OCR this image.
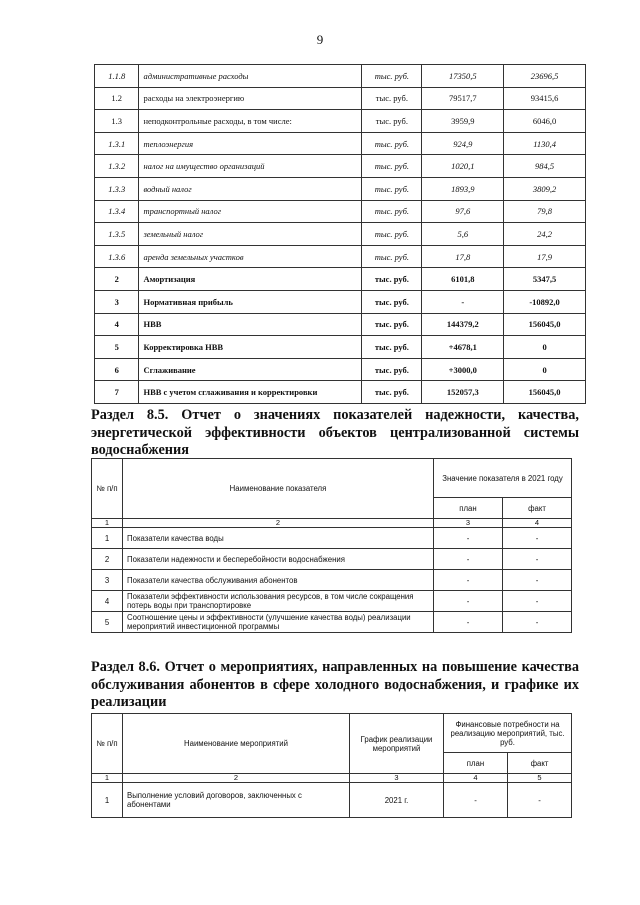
9
1.1.8	административные расходы	тыс. руб.	17350,5	23696,5
1.2	расходы на электроэнергию	тыс. руб.	79517,7	93415,6
1.3	неподконтрольные расходы, в том числе:	тыс. руб.	3959,9	6046,0
1.3.1	теплоэнергия	тыс. руб.	924,9	1130,4
1.3.2	налог на имущество организаций	тыс. руб.	1020,1	984,5
1.3.3	водный налог	тыс. руб.	1893,9	3809,2
1.3.4	транспортный налог	тыс. руб.	97,6	79,8
1.3.5	земельный налог	тыс. руб.	5,6	24,2
1.3.6	аренда земельных участков	тыс. руб.	17,8	17,9
2	Амортизация	тыс. руб.	6101,8	5347,5
3	Нормативная прибыль	тыс. руб.	-	-10892,0
4	НВВ	тыс. руб.	144379,2	156045,0
5	Корректировка НВВ	тыс. руб.	+4678,1	0
6	Сглаживание	тыс. руб.	+3000,0	0
7	НВВ с учетом сглаживания и корректировки	тыс. руб.	152057,3	156045,0
Раздел 8.5. Отчет о значениях показателей надежности, качества, энергетической эффективности объектов централизованной системы водоснабжения
№ п/п	Наименование показателя	Значение показателя в 2021 году	
		план	факт
1	2	3	4
1	Показатели качества воды	-	-
2	Показатели надежности и бесперебойности водоснабжения	-	-
3	Показатели качества обслуживания абонентов	-	-
4	Показатели эффективности использования ресурсов, в том числе сокращения потерь воды при транспортировке	-	-
5	Соотношение цены и эффективности (улучшение качества воды) реализации мероприятий инвестиционной программы	-	-
Раздел 8.6. Отчет о мероприятиях, направленных на повышение качества обслуживания абонентов в сфере холодного водоснабжения, и графике их реализации
№ п/п	Наименование мероприятий	График реализации мероприятий	Финансовые потребности на реализацию мероприятий, тыс. руб.	
			план	факт
1	2	3	4	5
1	Выполнение условий договоров, заключенных с абонентами	2021 г.	-	-
